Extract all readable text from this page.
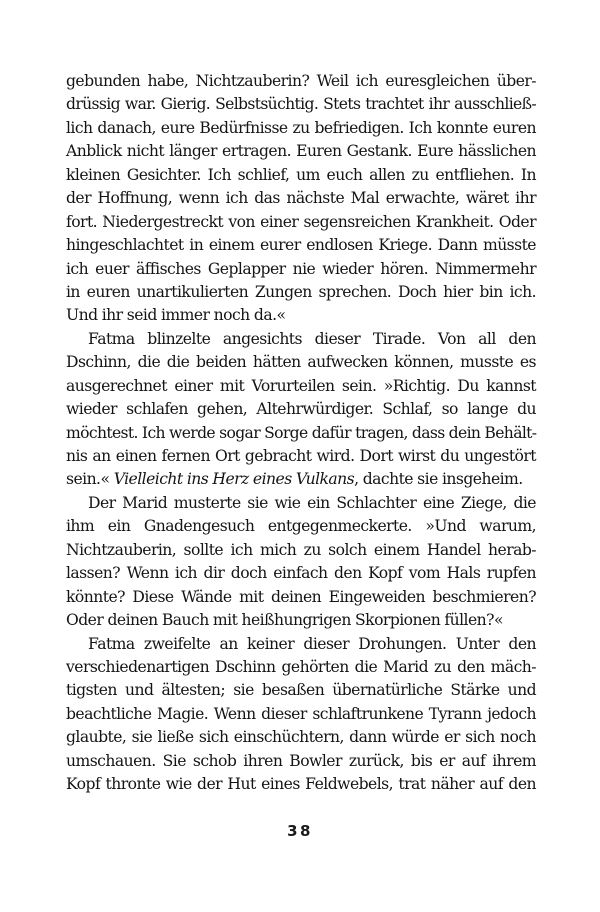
gebunden habe, Nichtzauberin? Weil ich euresgleichen über-
drüssig war. Gierig. Selbstsüchtig. Stets trachtet ihr ausschließ-
lich danach, eure Bedürfnisse zu befriedigen. Ich konnte euren
Anblick nicht länger ertragen. Euren Gestank. Eure hässlichen
kleinen Gesichter. Ich schlief, um euch allen zu entfliehen. In
der Hoffnung, wenn ich das nächste Mal erwachte, wäret ihr
fort. Niedergestreckt von einer segensreichen Krankheit. Oder
hingeschlachtet in einem eurer endlosen Kriege. Dann müsste
ich euer äffisches Geplapper nie wieder hören. Nimmermehr
in euren unartikulierten Zungen sprechen. Doch hier bin ich.
Und ihr seid immer noch da.«
Fatma blinzelte angesichts dieser Tirade. Von all den
Dschinn, die die beiden hätten aufwecken können, musste es
ausgerechnet einer mit Vorurteilen sein. »Richtig. Du kannst
wieder schlafen gehen, Altehrwürdiger. Schlaf, so lange du
möchtest. Ich werde sogar Sorge dafür tragen, dass dein Behält-
nis an einen fernen Ort gebracht wird. Dort wirst du ungestört
sein.« Vielleicht ins Herz eines Vulkans, dachte sie insgeheim.
Der Marid musterte sie wie ein Schlachter eine Ziege, die
ihm ein Gnadengesuch entgegenmeckerte. »Und warum,
Nichtzauberin, sollte ich mich zu solch einem Handel herab-
lassen? Wenn ich dir doch einfach den Kopf vom Hals rupfen
könnte? Diese Wände mit deinen Eingeweiden beschmieren?
Oder deinen Bauch mit heißhungrigen Skorpionen füllen?«
Fatma zweifelte an keiner dieser Drohungen. Unter den
verschiedenartigen Dschinn gehörten die Marid zu den mäch-
tigsten und ältesten; sie besaßen übernatürliche Stärke und
beachtliche Magie. Wenn dieser schlaftrunkene Tyrann jedoch
glaubte, sie ließe sich einschüchtern, dann würde er sich noch
umschauen. Sie schob ihren Bowler zurück, bis er auf ihrem
Kopf thronte wie der Hut eines Feldwebels, trat näher auf den
38
